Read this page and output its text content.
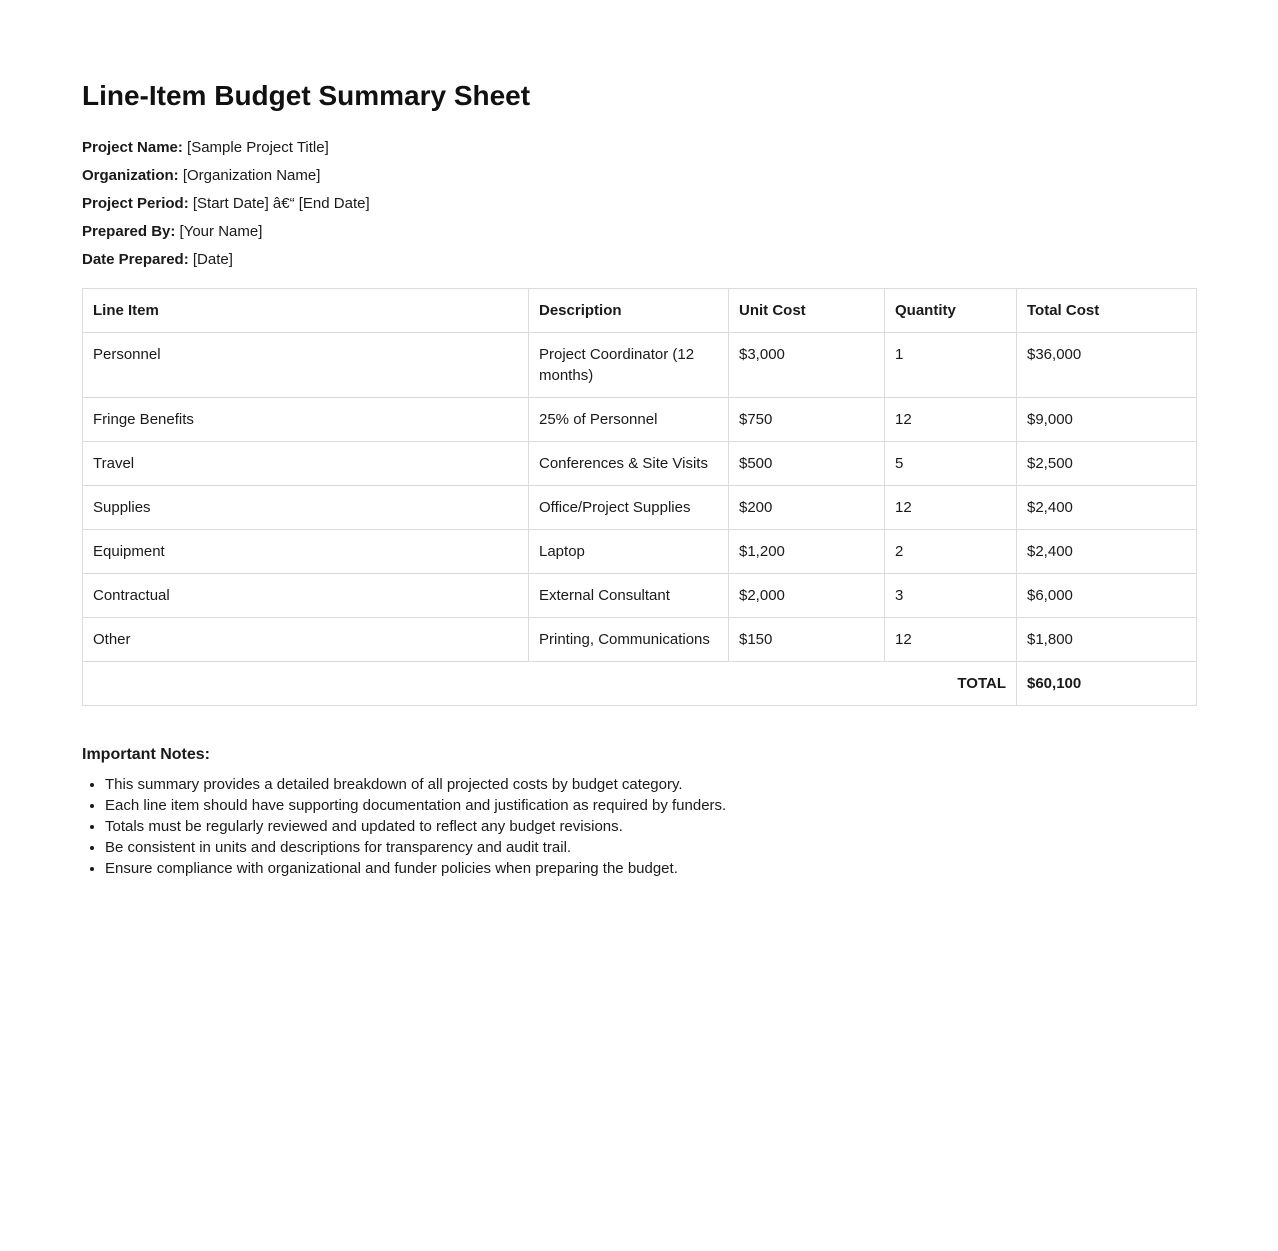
Line-Item Budget Summary Sheet
Project Name: [Sample Project Title]
Organization: [Organization Name]
Project Period: [Start Date] â€“ [End Date]
Prepared By: [Your Name]
Date Prepared: [Date]
Line Item	Description	Unit Cost	Quantity	Total Cost
Personnel	Project Coordinator (12 months)	$3,000	1	$36,000
Fringe Benefits	25% of Personnel	$750	12	$9,000
Travel	Conferences & Site Visits	$500	5	$2,500
Supplies	Office/Project Supplies	$200	12	$2,400
Equipment	Laptop	$1,200	2	$2,400
Contractual	External Consultant	$2,000	3	$6,000
Other	Printing, Communications	$150	12	$1,800
TOTAL				$60,100
Important Notes:
• This summary provides a detailed breakdown of all projected costs by budget category.
• Each line item should have supporting documentation and justification as required by funders.
• Totals must be regularly reviewed and updated to reflect any budget revisions.
• Be consistent in units and descriptions for transparency and audit trail.
• Ensure compliance with organizational and funder policies when preparing the budget.
